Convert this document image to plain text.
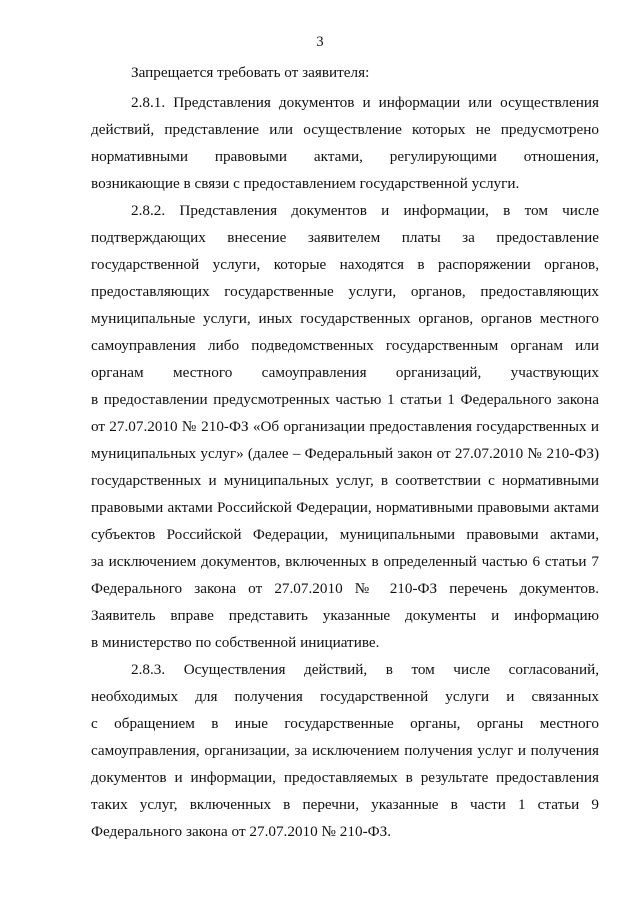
3
Запрещается требовать от заявителя:
2.8.1. Представления документов и информации или осуществления
действий, представление или осуществление которых не предусмотрено
нормативными правовыми актами, регулирующими отношения,
возникающие в связи с предоставлением государственной услуги.
2.8.2. Представления документов и информации, в том числе
подтверждающих внесение заявителем платы за предоставление
государственной услуги, которые находятся в распоряжении органов,
предоставляющих государственные услуги, органов, предоставляющих
муниципальные услуги, иных государственных органов, органов местного
самоуправления либо подведомственных государственным органам или
органам местного самоуправления организаций, участвующих
в предоставлении предусмотренных частью 1 статьи 1 Федерального закона
от 27.07.2010 № 210-ФЗ «Об организации предоставления государственных и
муниципальных услуг» (далее – Федеральный закон от 27.07.2010 № 210-ФЗ)
государственных и муниципальных услуг, в соответствии с нормативными
правовыми актами Российской Федерации, нормативными правовыми актами
субъектов Российской Федерации, муниципальными правовыми актами,
за исключением документов, включенных в определенный частью 6 статьи 7
Федерального закона от 27.07.2010 № 210-ФЗ перечень документов.
Заявитель вправе представить указанные документы и информацию
в министерство по собственной инициативе.
2.8.3. Осуществления действий, в том числе согласований,
необходимых для получения государственной услуги и связанных
с обращением в иные государственные органы, органы местного
самоуправления, организации, за исключением получения услуг и получения
документов и информации, предоставляемых в результате предоставления
таких услуг, включенных в перечни, указанные в части 1 статьи 9
Федерального закона от 27.07.2010 № 210-ФЗ.
